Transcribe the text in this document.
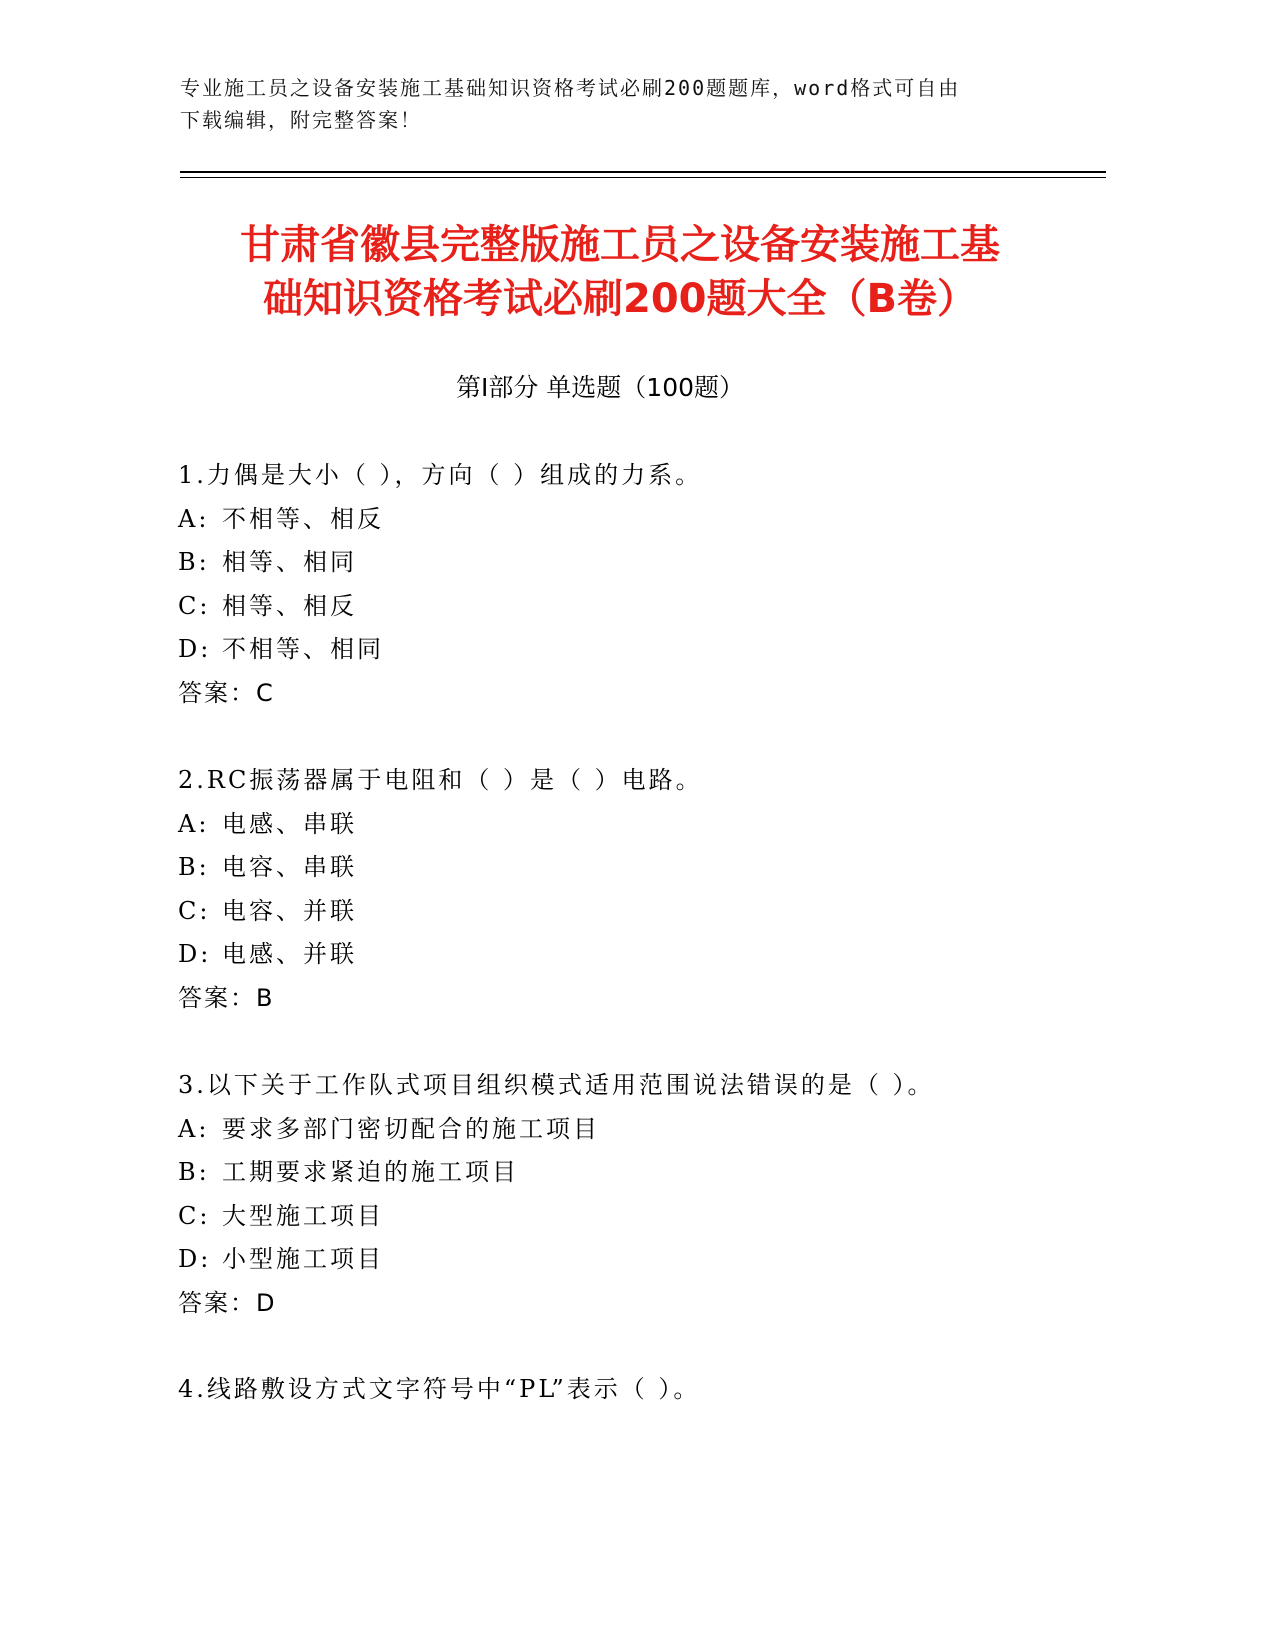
专业施工员之设备安装施工基础知识资格考试必刷200题题库，word格式可自由
下载编辑，附完整答案！
甘肃省徽县完整版施工员之设备安装施工基
础知识资格考试必刷200题大全（B卷）
第Ⅰ部分 单选题（100题）
1.力偶是大小（ ），方向（ ）组成的力系。
A: 不相等、相反
B: 相等、相同
C: 相等、相反
D: 不相等、相同
答案：C
2.RC振荡器属于电阻和（ ）是（ ）电路。
A: 电感、串联
B: 电容、串联
C: 电容、并联
D: 电感、并联
答案：B
3.以下关于工作队式项目组织模式适用范围说法错误的是（ ）。
A: 要求多部门密切配合的施工项目
B: 工期要求紧迫的施工项目
C: 大型施工项目
D: 小型施工项目
答案：D
4.线路敷设方式文字符号中“PL”表示（ ）。
